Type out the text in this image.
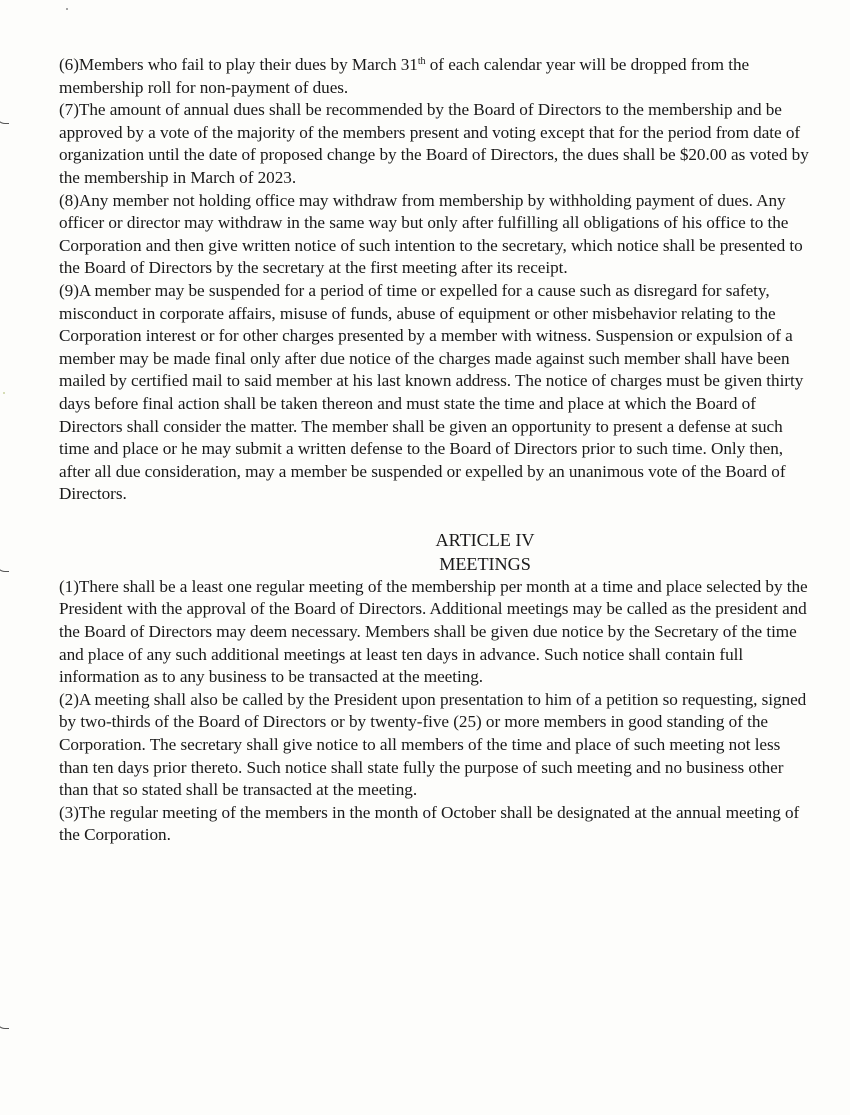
(6)Members who fail to play their dues by March 31th of each calendar year will be dropped from the membership roll for non-payment of dues.

(7)The amount of annual dues shall be recommended by the Board of Directors to the membership and be approved by a vote of the majority of the members present and voting except that for the period from date of organization until the date of proposed change by the Board of Directors, the dues shall be $20.00 as voted by the membership in March of 2023.

(8)Any member not holding office may withdraw from membership by withholding payment of dues. Any officer or director may withdraw in the same way but only after fulfilling all obligations of his office to the Corporation and then give written notice of such intention to the secretary, which notice shall be presented to the Board of Directors by the secretary at the first meeting after its receipt.

(9)A member may be suspended for a period of time or expelled for a cause such as disregard for safety, misconduct in corporate affairs, misuse of funds, abuse of equipment or other misbehavior relating to the Corporation interest or for other charges presented by a member with witness. Suspension or expulsion of a member may be made final only after due notice of the charges made against such member shall have been mailed by certified mail to said member at his last known address. The notice of charges must be given thirty days before final action shall be taken thereon and must state the time and place at which the Board of Directors shall consider the matter. The member shall be given an opportunity to present a defense at such time and place or he may submit a written defense to the Board of Directors prior to such time. Only then, after all due consideration, may a member be suspended or expelled by an unanimous vote of the Board of Directors.

ARTICLE IV

MEETINGS

(1)There shall be a least one regular meeting of the membership per month at a time and place selected by the President with the approval of the Board of Directors. Additional meetings may be called as the president and the Board of Directors may deem necessary. Members shall be given due notice by the Secretary of the time and place of any such additional meetings at least ten days in advance. Such notice shall contain full information as to any business to be transacted at the meeting.

(2)A meeting shall also be called by the President upon presentation to him of a petition so requesting, signed by two-thirds of the Board of Directors or by twenty-five (25) or more members in good standing of the Corporation. The secretary shall give notice to all members of the time and place of such meeting not less than ten days prior thereto. Such notice shall state fully the purpose of such meeting and no business other than that so stated shall be transacted at the meeting.

(3)The regular meeting of the members in the month of October shall be designated at the annual meeting of the Corporation.
